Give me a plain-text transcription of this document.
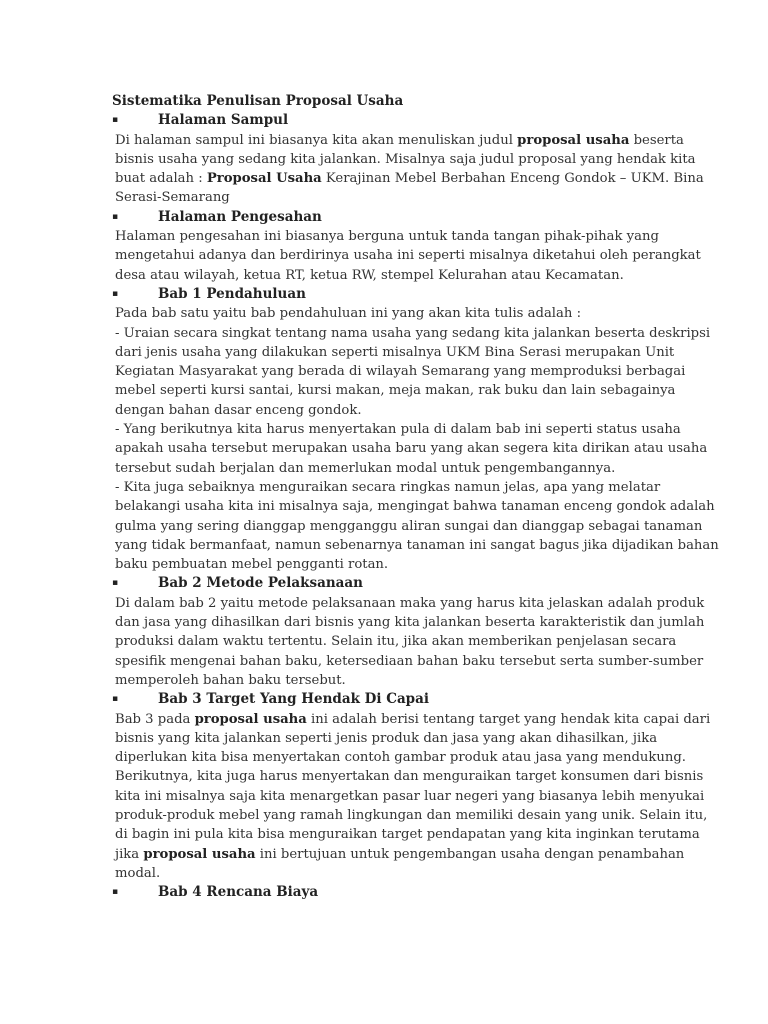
Sistematika Penulisan Proposal Usaha

▪	Halaman Sampul
Di halaman sampul ini biasanya kita akan menuliskan judul proposal usaha beserta
bisnis usaha yang sedang kita jalankan. Misalnya saja judul proposal yang hendak kita
buat adalah : Proposal Usaha Kerajinan Mebel Berbahan Enceng Gondok – UKM. Bina
Serasi-Semarang
▪	Halaman Pengesahan
Halaman pengesahan ini biasanya berguna untuk tanda tangan pihak-pihak yang
mengetahui adanya dan berdirinya usaha ini seperti misalnya diketahui oleh perangkat
desa atau wilayah, ketua RT, ketua RW, stempel Kelurahan atau Kecamatan.
▪	Bab 1 Pendahuluan
Pada bab satu yaitu bab pendahuluan ini yang akan kita tulis adalah :
- Uraian secara singkat tentang nama usaha yang sedang kita jalankan beserta deskripsi
dari jenis usaha yang dilakukan seperti misalnya UKM Bina Serasi merupakan Unit
Kegiatan Masyarakat yang berada di wilayah Semarang yang memproduksi berbagai
mebel seperti kursi santai, kursi makan, meja makan, rak buku dan lain sebagainya
dengan bahan dasar enceng gondok.
- Yang berikutnya kita harus menyertakan pula di dalam bab ini seperti status usaha
apakah usaha tersebut merupakan usaha baru yang akan segera kita dirikan atau usaha
tersebut sudah berjalan dan memerlukan modal untuk pengembangannya.
- Kita juga sebaiknya menguraikan secara ringkas namun jelas, apa yang melatar
belakangi usaha kita ini misalnya saja, mengingat bahwa tanaman enceng gondok adalah
gulma yang sering dianggap mengganggu aliran sungai dan dianggap sebagai tanaman
yang tidak bermanfaat, namun sebenarnya tanaman ini sangat bagus jika dijadikan bahan
baku pembuatan mebel pengganti rotan.
▪	Bab 2 Metode Pelaksanaan
Di dalam bab 2 yaitu metode pelaksanaan maka yang harus kita jelaskan adalah produk
dan jasa yang dihasilkan dari bisnis yang kita jalankan beserta karakteristik dan jumlah
produksi dalam waktu tertentu. Selain itu, jika akan memberikan penjelasan secara
spesifik mengenai bahan baku, ketersediaan bahan baku tersebut serta sumber-sumber
memperoleh bahan baku tersebut.
▪	Bab 3 Target Yang Hendak Di Capai
Bab 3 pada proposal usaha ini adalah berisi tentang target yang hendak kita capai dari
bisnis yang kita jalankan seperti jenis produk dan jasa yang akan dihasilkan, jika
diperlukan kita bisa menyertakan contoh gambar produk atau jasa yang mendukung.
Berikutnya, kita juga harus menyertakan dan menguraikan target konsumen dari bisnis
kita ini misalnya saja kita menargetkan pasar luar negeri yang biasanya lebih menyukai
produk-produk mebel yang ramah lingkungan dan memiliki desain yang unik. Selain itu,
di bagin ini pula kita bisa menguraikan target pendapatan yang kita inginkan terutama
jika proposal usaha ini bertujuan untuk pengembangan usaha dengan penambahan
modal.
▪	Bab 4 Rencana Biaya
